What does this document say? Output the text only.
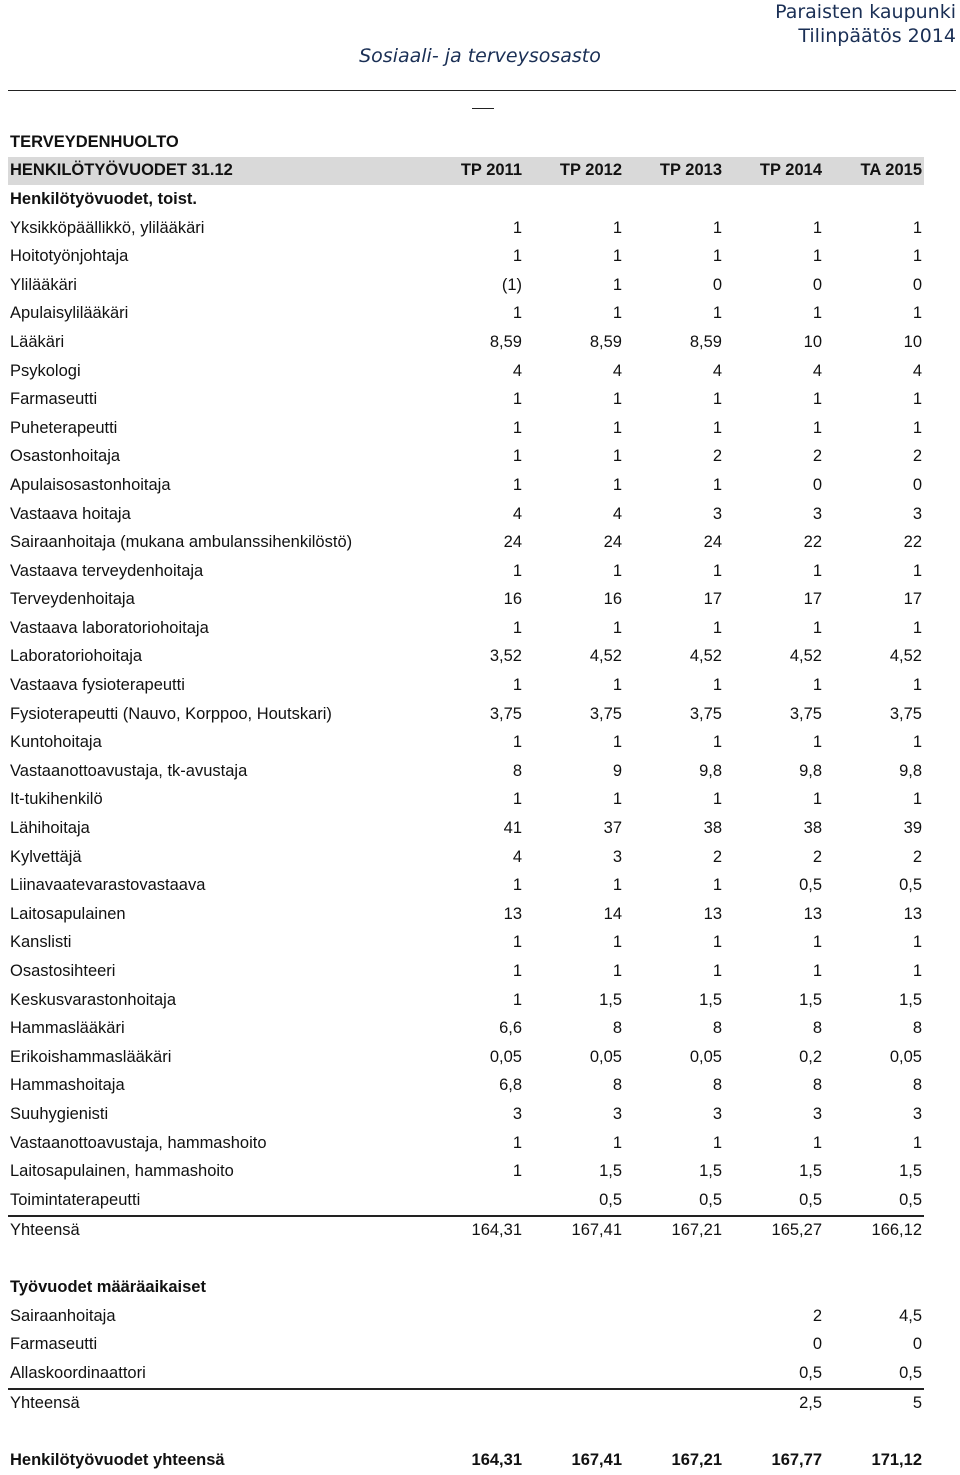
Paraisten kaupunki
Tilinpäätös 2014
Sosiaali- ja terveysosasto
TERVEYDENHUOLTO					
HENKILÖTYÖVUODET 31.12	TP 2011	TP 2012	TP 2013	TP 2014	TA 2015
Henkilötyövuodet, toist.					
Yksikköpäällikkö, ylilääkäri	1	1	1	1	1
Hoitotyönjohtaja	1	1	1	1	1
Ylilääkäri	(1)	1	0	0	0
Apulaisylilääkäri	1	1	1	1	1
Lääkäri	8,59	8,59	8,59	10	10
Psykologi	4	4	4	4	4
Farmaseutti	1	1	1	1	1
Puheterapeutti	1	1	1	1	1
Osastonhoitaja	1	1	2	2	2
Apulaisosastonhoitaja	1	1	1	0	0
Vastaava hoitaja	4	4	3	3	3
Sairaanhoitaja (mukana ambulanssihenkilöstö)	24	24	24	22	22
Vastaava terveydenhoitaja	1	1	1	1	1
Terveydenhoitaja	16	16	17	17	17
Vastaava laboratoriohoitaja	1	1	1	1	1
Laboratoriohoitaja	3,52	4,52	4,52	4,52	4,52
Vastaava fysioterapeutti	1	1	1	1	1
Fysioterapeutti (Nauvo, Korppoo, Houtskari)	3,75	3,75	3,75	3,75	3,75
Kuntohoitaja	1	1	1	1	1
Vastaanottoavustaja, tk-avustaja	8	9	9,8	9,8	9,8
It-tukihenkilö	1	1	1	1	1
Lähihoitaja	41	37	38	38	39
Kylvettäjä	4	3	2	2	2
Liinavaatevarastovastaava	1	1	1	0,5	0,5
Laitosapulainen	13	14	13	13	13
Kanslisti	1	1	1	1	1
Osastosihteeri	1	1	1	1	1
Keskusvarastonhoitaja	1	1,5	1,5	1,5	1,5
Hammaslääkäri	6,6	8	8	8	8
Erikoishammaslääkäri	0,05	0,05	0,05	0,2	0,05
Hammashoitaja	6,8	8	8	8	8
Suuhygienisti	3	3	3	3	3
Vastaanottoavustaja, hammashoito	1	1	1	1	1
Laitosapulainen, hammashoito	1	1,5	1,5	1,5	1,5
Toimintaterapeutti		0,5	0,5	0,5	0,5
Yhteensä	164,31	167,41	167,21	165,27	166,12

Työvuodet määräaikaiset					
Sairaanhoitaja				2	4,5
Farmaseutti				0	0
Allaskoordinaattori				0,5	0,5
Yhteensä				2,5	5

Henkilötyövuodet yhteensä	164,31	167,41	167,21	167,77	171,12
